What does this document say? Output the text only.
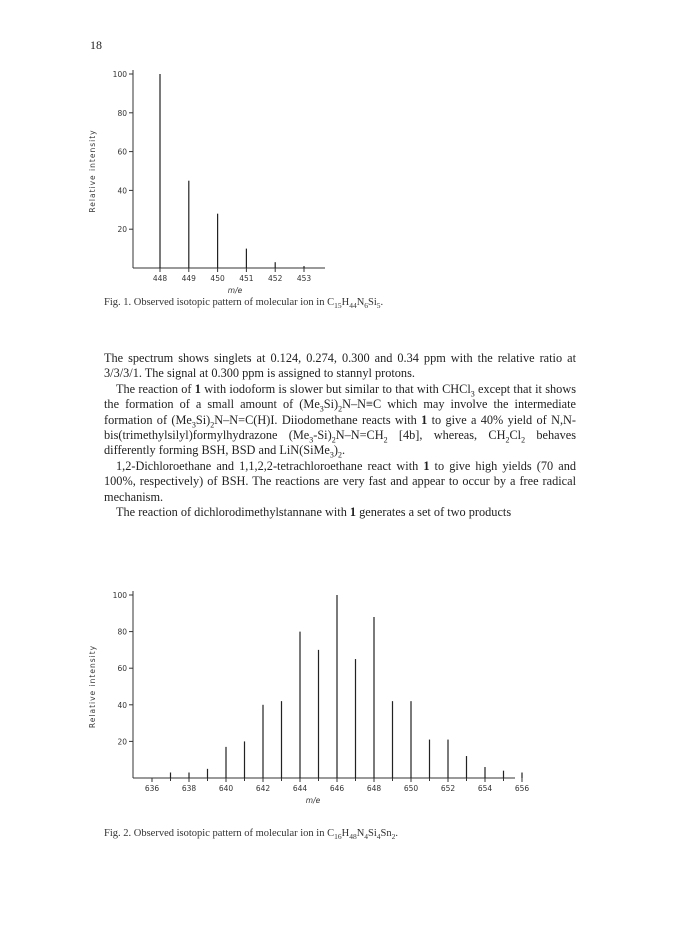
18
100
80
60
40
20
448 449 450 451 452 453
m/e
Relative intensity
Fig. 1. Observed isotopic pattern of molecular ion in $C_{15}H_{44}N_6Si_5$.

The spectrum shows singlets at 0.124, 0.274, 0.300 and 0.34 ppm with the relative ratio at 3/3/3/1. The signal at 0.300 ppm is assigned to stannyl protons.

The reaction of 1 with iodoform is slower but similar to that with CHCl$_3$ except that it shows the formation of a small amount of $(Me_3Si)_2N-N\equiv C$ which may involve the intermediate formation of $(Me_3Si)_2N-N=C(H)I$. Diiodomethane reacts with 1 to give a 40% yield of N,N-bis(trimethylsilyl)formylhydrazone $(Me_3-Si)_2N-N=CH_2$ [4b], whereas, $CH_2Cl_2$ behaves differently forming BSH, BSD and $LiN(SiMe_3)_2$.

1,2-Dichloroethane and 1,1,2,2-tetrachloroethane react with 1 to give high yields (70 and 100%, respectively) of BSH. The reactions are very fast and appear to occur by a free radical mechanism.

The reaction of dichlorodimethylstannane with 1 generates a set of two products

100
80
60
40
20
636	638	640	642	644	646	648	650	652	654	656
m/e
Relative intensity
Fig. 2. Observed isotopic pattern of molecular ion in $C_{16}H_{48}N_4Si_4Sn_2$.
